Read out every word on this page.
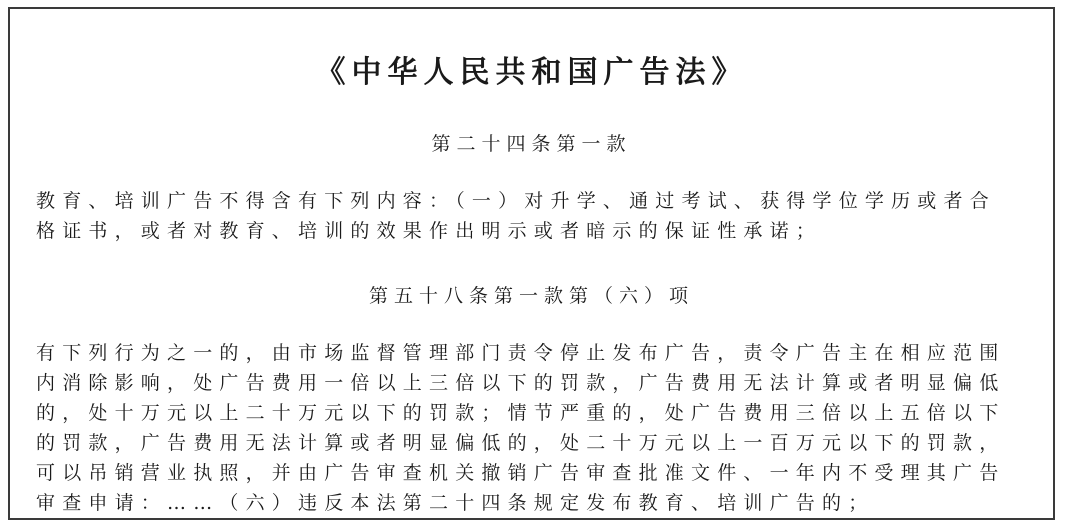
《中华人民共和国广告法》
第二十四条第一款
教育、培训广告不得含有下列内容：（一）对升学、通过考试、获得学位学历或者合
格证书，或者对教育、培训的效果作出明示或者暗示的保证性承诺；
第五十八条第一款第（六）项
有下列行为之一的，由市场监督管理部门责令停止发布广告，责令广告主在相应范围
内消除影响，处广告费用一倍以上三倍以下的罚款，广告费用无法计算或者明显偏低
的，处十万元以上二十万元以下的罚款；情节严重的，处广告费用三倍以上五倍以下
的罚款，广告费用无法计算或者明显偏低的，处二十万元以上一百万元以下的罚款，
可以吊销营业执照，并由广告审查机关撤销广告审查批准文件、一年内不受理其广告
审查申请：……（六）违反本法第二十四条规定发布教育、培训广告的；
